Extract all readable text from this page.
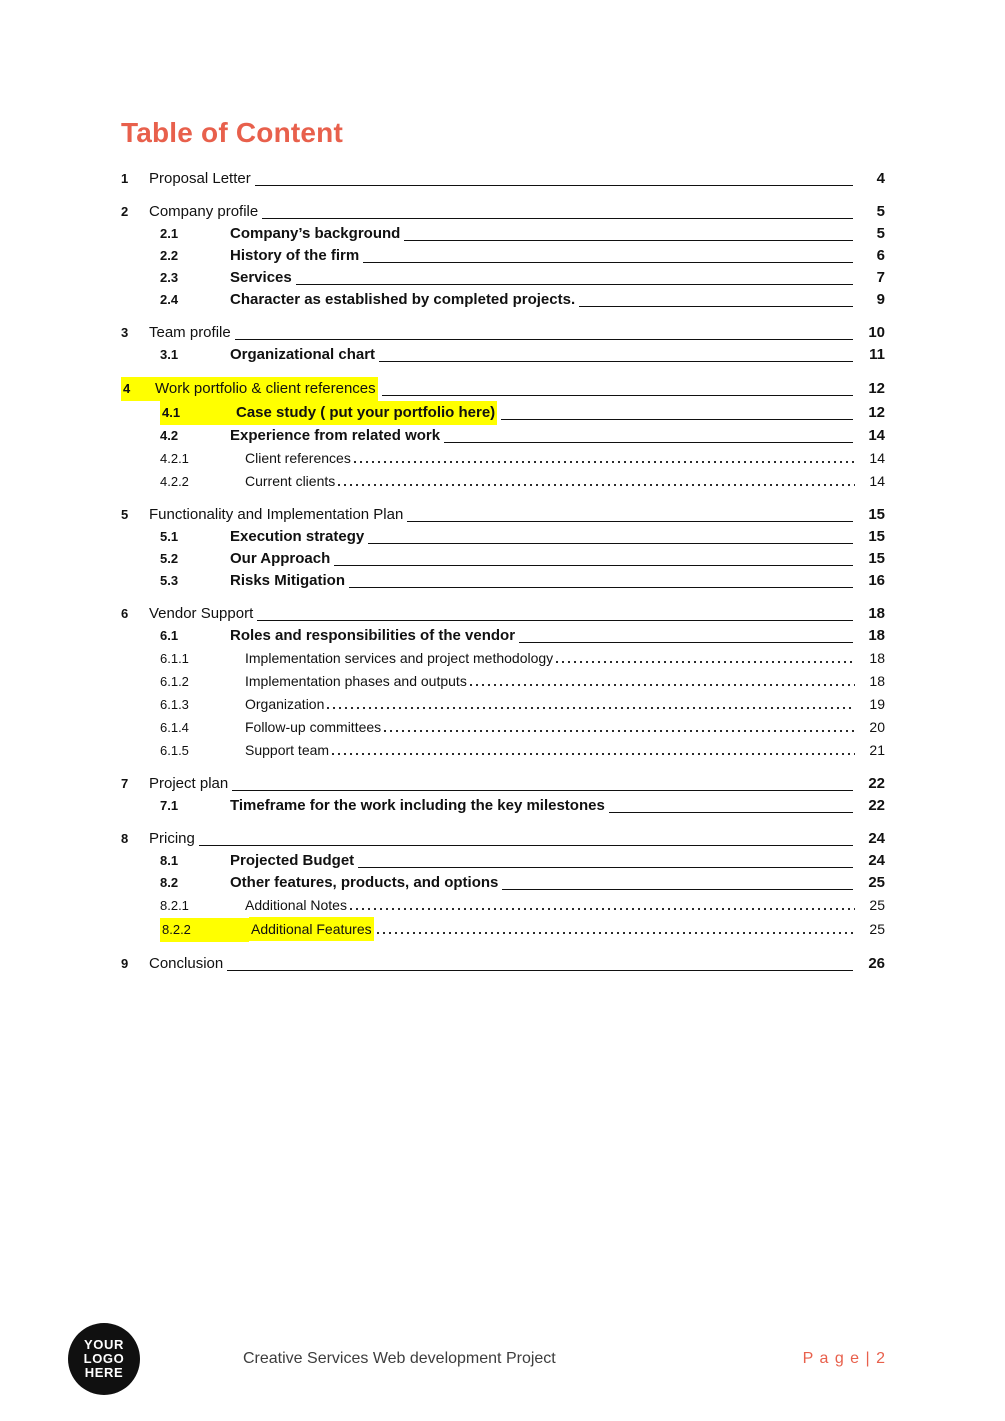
Table of Content
1	Proposal Letter	4
2	Company profile	5
2.1	Company’s background	5
2.2	History of the firm	6
2.3	Services	7
2.4	Character as established by completed projects.	9
3	Team profile	10
3.1	Organizational chart	11
4	Work portfolio & client references	12
4.1	Case study ( put your portfolio here)	12
4.2	Experience from related work	14
4.2.1	Client references	14
4.2.2	Current clients	14
5	Functionality and Implementation Plan	15
5.1	Execution strategy	15
5.2	Our Approach	15
5.3	Risks Mitigation	16
6	Vendor Support	18
6.1	Roles and responsibilities of the vendor	18
6.1.1	Implementation services and project methodology	18
6.1.2	Implementation phases and outputs	18
6.1.3	Organization	19
6.1.4	Follow-up committees	20
6.1.5	Support team	21
7	Project plan	22
7.1	Timeframe for the work including the key milestones	22
8	Pricing	24
8.1	Projected Budget	24
8.2	Other features, products, and options	25
8.2.1	Additional Notes	25
8.2.2	Additional Features	25
9	Conclusion	26
YOUR
LOGO
HERE
Creative Services Web development Project	P a g e | 2
